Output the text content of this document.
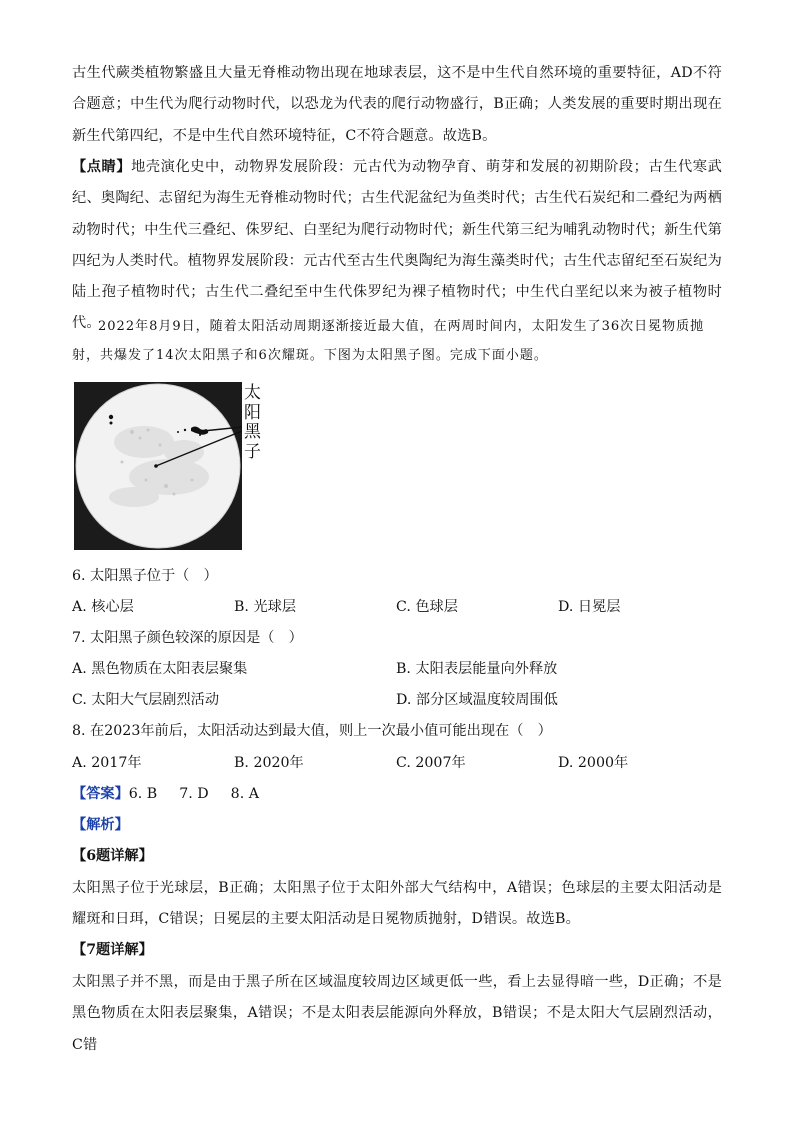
古生代蕨类植物繁盛且大量无脊椎动物出现在地球表层，这不是中生代自然环境的重要特征，AD不符合题意；中生代为爬行动物时代，以恐龙为代表的爬行动物盛行，B正确；人类发展的重要时期出现在新生代第四纪，不是中生代自然环境特征，C不符合题意。故选B。
【点睛】地壳演化史中，动物界发展阶段：元古代为动物孕育、萌芽和发展的初期阶段；古生代寒武纪、奥陶纪、志留纪为海生无脊椎动物时代；古生代泥盆纪为鱼类时代；古生代石炭纪和二叠纪为两栖动物时代；中生代三叠纪、侏罗纪、白垩纪为爬行动物时代；新生代第三纪为哺乳动物时代；新生代第四纪为人类时代。植物界发展阶段：元古代至古生代奥陶纪为海生藻类时代；古生代志留纪至石炭纪为陆上孢子植物时代；古生代二叠纪至中生代侏罗纪为裸子植物时代；中生代白垩纪以来为被子植物时代。
2022年8月9日，随着太阳活动周期逐渐接近最大值，在两周时间内，太阳发生了36次日冕物质抛射，共爆发了14次太阳黑子和6次耀斑。下图为太阳黑子图。完成下面小题。
太
阳
黑
子
6. 太阳黑子位于（　）
A. 核心层	B. 光球层	C. 色球层	D. 日冕层
7. 太阳黑子颜色较深的原因是（　）
A. 黑色物质在太阳表层聚集	B. 太阳表层能量向外释放
C. 太阳大气层剧烈活动	D. 部分区域温度较周围低
8. 在2023年前后，太阳活动达到最大值，则上一次最小值可能出现在（　）
A. 2017年	B. 2020年	C. 2007年	D. 2000年
【答案】6. B 7. D 8. A
【解析】
【6题详解】
太阳黑子位于光球层，B正确；太阳黑子位于太阳外部大气结构中，A错误；色球层的主要太阳活动是耀斑和日珥，C错误；日冕层的主要太阳活动是日冕物质抛射，D错误。故选B。
【7题详解】
太阳黑子并不黑，而是由于黑子所在区域温度较周边区域更低一些，看上去显得暗一些，D正确；不是黑色物质在太阳表层聚集，A错误；不是太阳表层能源向外释放，B错误；不是太阳大气层剧烈活动，C错
